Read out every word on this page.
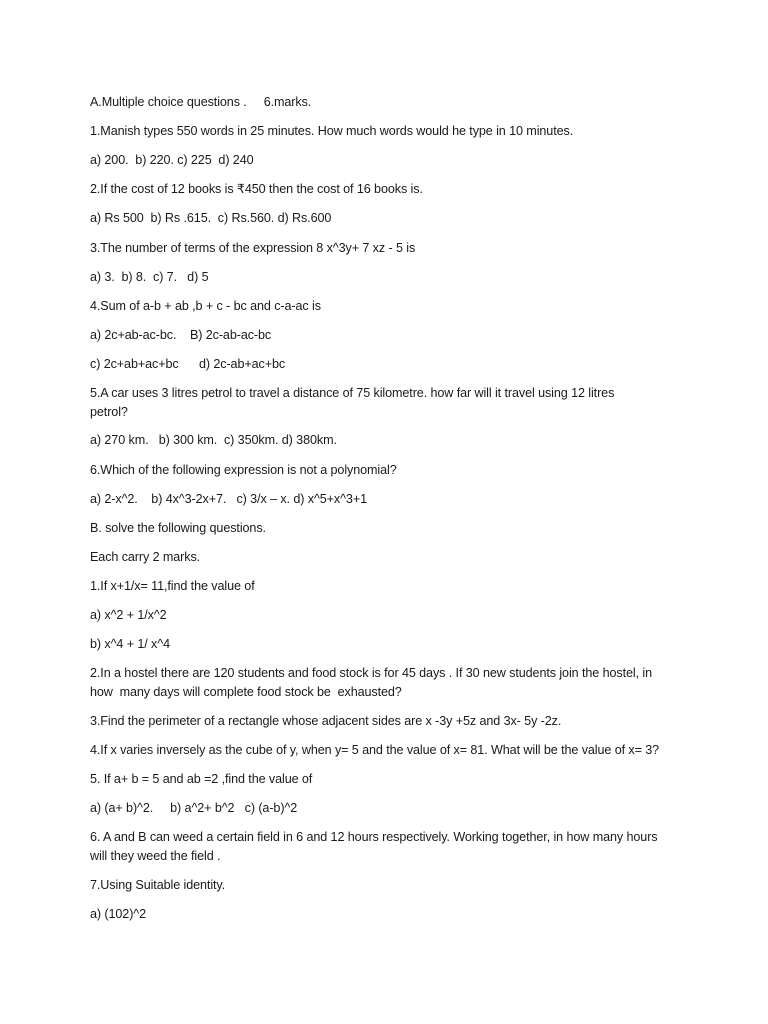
A.Multiple choice questions .     6.marks.
1.Manish types 550 words in 25 minutes. How much words would he type in 10 minutes.
a) 200.  b) 220. c) 225  d) 240
2.If the cost of 12 books is ₹450 then the cost of 16 books is.
a) Rs 500  b) Rs .615.  c) Rs.560. d) Rs.600
3.The number of terms of the expression 8 x^3y+ 7 xz - 5 is
a) 3.  b) 8.  c) 7.   d) 5
4.Sum of a-b + ab ,b + c - bc and c-a-ac is
a) 2c+ab-ac-bc.    B) 2c-ab-ac-bc
c) 2c+ab+ac+bc      d) 2c-ab+ac+bc
5.A car uses 3 litres petrol to travel a distance of 75 kilometre. how far will it travel using 12 litres
petrol?
a) 270 km.   b) 300 km.  c) 350km. d) 380km.
6.Which of the following expression is not a polynomial?
a) 2-x^2.    b) 4x^3-2x+7.   c) 3/x – x. d) x^5+x^3+1
B. solve the following questions.
Each carry 2 marks.
1.If x+1/x= 11,find the value of
a) x^2 + 1/x^2
b) x^4 + 1/ x^4
2.In a hostel there are 120 students and food stock is for 45 days . If 30 new students join the hostel, in
how  many days will complete food stock be  exhausted?
3.Find the perimeter of a rectangle whose adjacent sides are x -3y +5z and 3x- 5y -2z.
4.If x varies inversely as the cube of y, when y= 5 and the value of x= 81. What will be the value of x= 3?
5. If a+ b = 5 and ab =2 ,find the value of
a) (a+ b)^2.     b) a^2+ b^2   c) (a-b)^2
6. A and B can weed a certain field in 6 and 12 hours respectively. Working together, in how many hours
will they weed the field .
7.Using Suitable identity.
a) (102)^2
